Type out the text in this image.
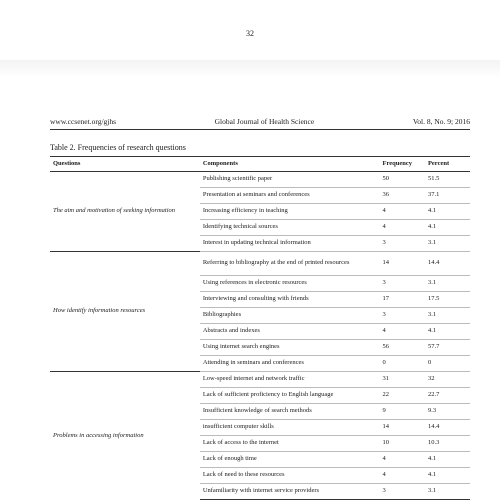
32
www.ccsenet.org/gjhs	Global Journal of Health Science	Vol. 8, No. 9; 2016
Table 2. Frequencies of research questions
Questions	Components	Frequency	Percent
The aim and motivation of seeking information	Publishing scientific paper	50	51.5
	Presentation at seminars and conferences	36	37.1
	Increasing efficiency in teaching	4	4.1
	Identifying technical sources	4	4.1
	Interest in updating technical information	3	3.1
How identify information resources	Referring to bibliography at the end of printed resources	14	14.4
	Using references in electronic resources	3	3.1
	Interviewing and consulting with friends	17	17.5
	Bibliographies	3	3.1
	Abstracts and indexes	4	4.1
	Using internet search engines	56	57.7
	Attending in seminars and conferences	0	0
Problems in accessing information	Low-speed internet and network traffic	31	32
	Lack of sufficient proficiency to English language	22	22.7
	Insufficient knowledge of search methods	9	9.3
	insufficient computer skills	14	14.4
	Lack of access to the internet	10	10.3
	Lack of enough time	4	4.1
	Lack of need to these resources	4	4.1
	Unfamiliarity with internet service providers	3	3.1
